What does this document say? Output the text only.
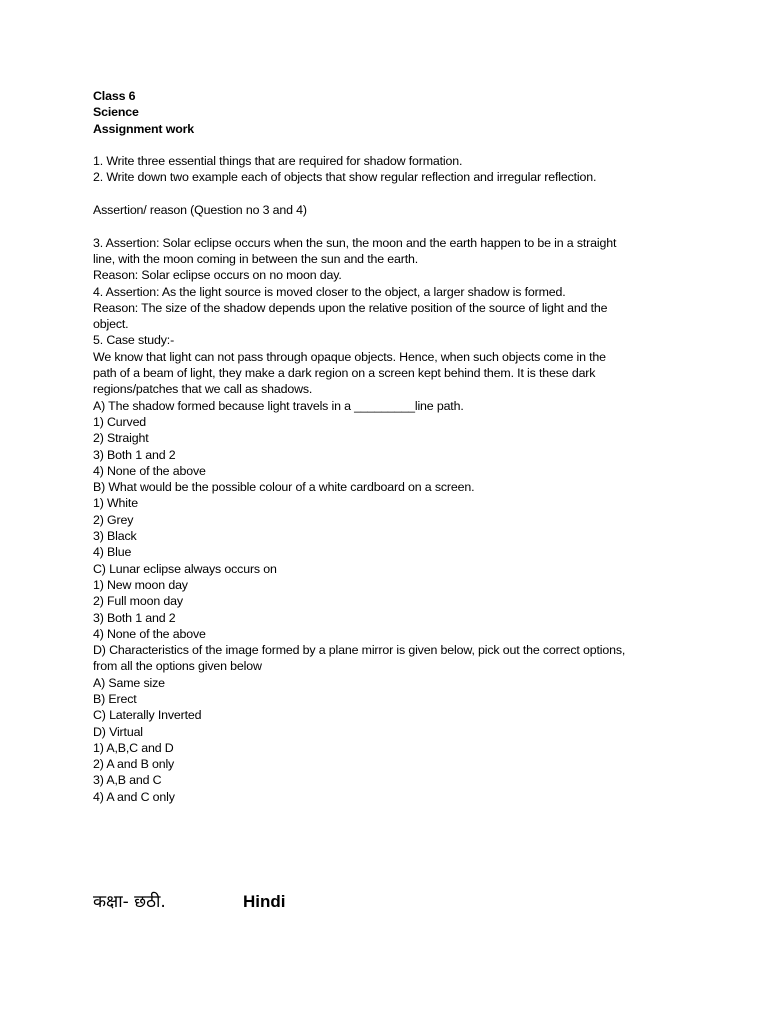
Class 6
Science
Assignment work
1. Write three essential things that are required for shadow formation.
2. Write down two example each of objects that show regular reflection and irregular reflection.
Assertion/ reason (Question no 3 and 4)
3. Assertion: Solar eclipse occurs when the sun, the moon and the earth happen to be in a straight
line, with the moon coming in between the sun and the earth.
Reason: Solar eclipse occurs on no moon day.
4. Assertion: As the light source is moved closer to the object, a larger shadow is formed.
Reason: The size of the shadow depends upon the relative position of the source of light and the
object.
5. Case study:-
We know that light can not pass through opaque objects. Hence, when such objects come in the
path of a beam of light, they make a dark region on a screen kept behind them. It is these dark
regions/patches that we call as shadows.
A) The shadow formed because light travels in a _________line path.
1) Curved
2) Straight
3) Both 1 and 2
4) None of the above
B) What would be the possible colour of a white cardboard on a screen.
1) White
2) Grey
3) Black
4) Blue
C) Lunar eclipse always occurs on
1) New moon day
2) Full moon day
3) Both 1 and 2
4) None of the above
D) Characteristics of the image formed by a plane mirror is given below, pick out the correct options,
from all the options given below
A) Same size
B) Erect
C) Laterally Inverted
D) Virtual
1) A,B,C and D
2) A and B only
3) A,B and C
4) A and C only
कक्षा- छठी.	Hindi
